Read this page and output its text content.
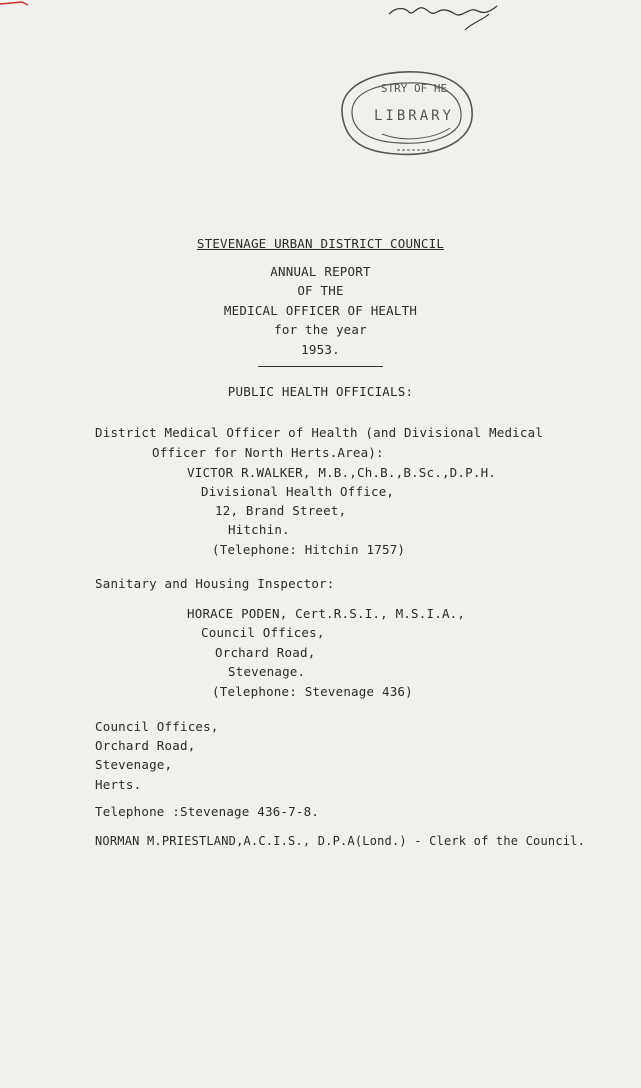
STRY OF HE
LIBRARY
STEVENAGE URBAN DISTRICT COUNCIL
ANNUAL REPORT
OF THE
MEDICAL OFFICER OF HEALTH
for the year
1953.
PUBLIC HEALTH OFFICIALS:
District Medical Officer of Health (and Divisional Medical
Officer for North Herts.Area):
VICTOR R.WALKER, M.B.,Ch.B.,B.Sc.,D.P.H.
Divisional Health Office,
12, Brand Street,
Hitchin.
(Telephone: Hitchin 1757)
Sanitary and Housing Inspector:
HORACE PODEN, Cert.R.S.I., M.S.I.A.,
Council Offices,
Orchard Road,
Stevenage.
(Telephone: Stevenage 436)
Council Offices,
Orchard Road,
Stevenage,
Herts.
Telephone :Stevenage 436-7-8.
NORMAN M.PRIESTLAND,A.C.I.S., D.P.A(Lond.) - Clerk of the Council.
